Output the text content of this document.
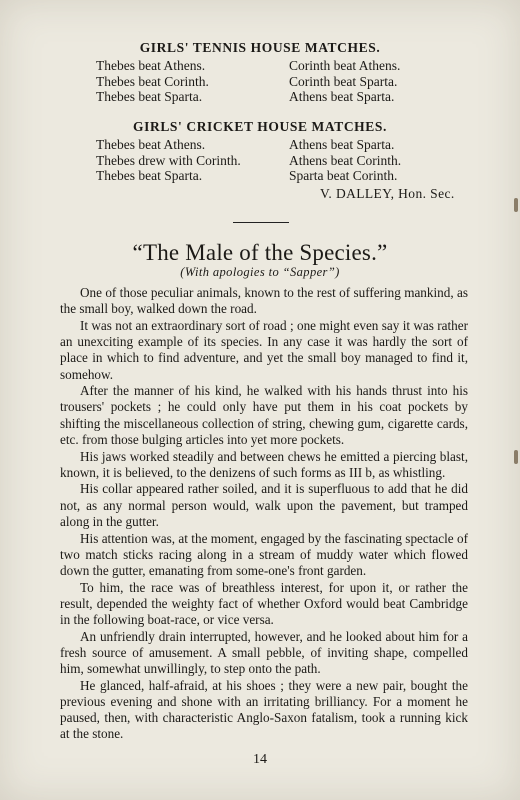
GIRLS' TENNIS HOUSE MATCHES.
Thebes beat Athens.
Thebes beat Corinth.
Thebes beat Sparta.
Corinth beat Athens.
Corinth beat Sparta.
Athens beat Sparta.
GIRLS' CRICKET HOUSE MATCHES.
Thebes beat Athens.
Thebes drew with Corinth.
Thebes beat Sparta.
Athens beat Sparta.
Athens beat Corinth.
Sparta beat Corinth.
V. DALLEY, Hon. Sec.
“The Male of the Species.”

(With apologies to “Sapper”)

One of those peculiar animals, known to the rest of suffering mankind, as the small boy, walked down the road.

It was not an extraordinary sort of road ; one might even say it was rather an unexciting example of its species. In any case it was hardly the sort of place in which to find adventure, and yet the small boy managed to find it, somehow.

After the manner of his kind, he walked with his hands thrust into his trousers' pockets ; he could only have put them in his coat pockets by shifting the miscellaneous collection of string, chewing gum, cigarette cards, etc. from those bulging articles into yet more pockets.

His jaws worked steadily and between chews he emitted a piercing blast, known, it is believed, to the denizens of such forms as III b, as whistling.

His collar appeared rather soiled, and it is superfluous to add that he did not, as any normal person would, walk upon the pavement, but tramped along in the gutter.

His attention was, at the moment, engaged by the fascinating spectacle of two match sticks racing along in a stream of muddy water which flowed down the gutter, emanating from some-one's front garden.

To him, the race was of breathless interest, for upon it, or rather the result, depended the weighty fact of whether Oxford would beat Cambridge in the following boat-race, or vice versa.

An unfriendly drain interrupted, however, and he looked about him for a fresh source of amusement. A small pebble, of inviting shape, compelled him, somewhat unwillingly, to step onto the path.

He glanced, half-afraid, at his shoes ; they were a new pair, bought the previous evening and shone with an irritating brilliancy. For a moment he paused, then, with characteristic Anglo-Saxon fatalism, took a running kick at the stone.

14
